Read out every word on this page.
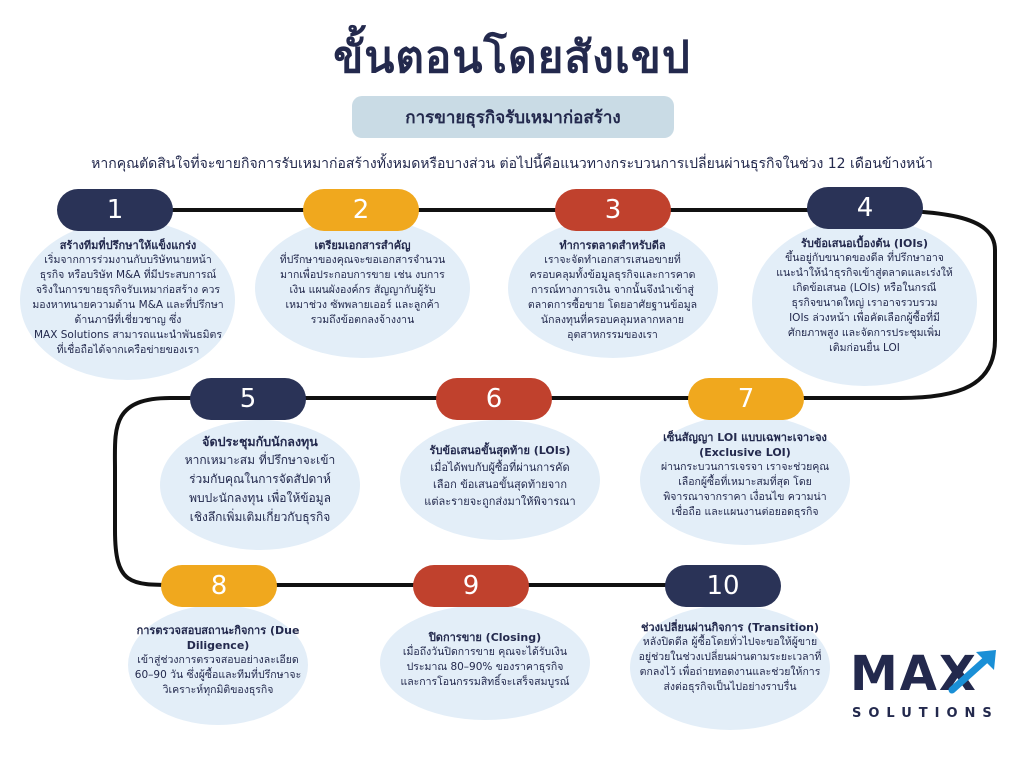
ขั้นตอนโดยสังเขป
การขายธุรกิจรับเหมาก่อสร้าง
หากคุณตัดสินใจที่จะขายกิจการรับเหมาก่อสร้างทั้งหมดหรือบางส่วน ต่อไปนี้คือแนวทางกระบวนการเปลี่ยนผ่านธุรกิจในช่วง 12 เดือนข้างหน้า
1	2	3	4
5	6	7
8	9	10
สร้างทีมที่ปรึกษาให้แข็งแกร่ง
เริ่มจากการร่วมงานกับบริษัทนายหน้า
ธุรกิจ หรือบริษัท M&A ที่มีประสบการณ์
จริงในการขายธุรกิจรับเหมาก่อสร้าง ควร
มองหาทนายความด้าน M&A และที่ปรึกษา
ด้านภาษีที่เชี่ยวชาญ ซึ่ง
MAX Solutions สามารถแนะนำพันธมิตร
ที่เชื่อถือได้จากเครือข่ายของเรา
เตรียมเอกสารสำคัญ
ที่ปรึกษาของคุณจะขอเอกสารจำนวน
มากเพื่อประกอบการขาย เช่น งบการ
เงิน แผนผังองค์กร สัญญากับผู้รับ
เหมาช่วง ซัพพลายเออร์ และลูกค้า
รวมถึงข้อตกลงจ้างงาน
ทำการตลาดสำหรับดีล
เราจะจัดทำเอกสารเสนอขายที่
ครอบคลุมทั้งข้อมูลธุรกิจและการคาด
การณ์ทางการเงิน จากนั้นจึงนำเข้าสู่
ตลาดการซื้อขาย โดยอาศัยฐานข้อมูล
นักลงทุนที่ครอบคลุมหลากหลาย
อุตสาหกรรมของเรา
รับข้อเสนอเบื้องต้น (IOIs)
ขึ้นอยู่กับขนาดของดีล ที่ปรึกษาอาจ
แนะนำให้นำธุรกิจเข้าสู่ตลาดและเร่งให้
เกิดข้อเสนอ (LOIs) หรือในกรณี
ธุรกิจขนาดใหญ่ เราอาจรวบรวม
IOIs ล่วงหน้า เพื่อคัดเลือกผู้ซื้อที่มี
ศักยภาพสูง และจัดการประชุมเพิ่ม
เติมก่อนยื่น LOI
จัดประชุมกับนักลงทุน
หากเหมาะสม ที่ปรึกษาจะเข้า
ร่วมกับคุณในการจัดสัปดาห์
พบปะนักลงทุน เพื่อให้ข้อมูล
เชิงลึกเพิ่มเติมเกี่ยวกับธุรกิจ
รับข้อเสนอขั้นสุดท้าย (LOIs)
เมื่อได้พบกับผู้ซื้อที่ผ่านการคัด
เลือก ข้อเสนอขั้นสุดท้ายจาก
แต่ละรายจะถูกส่งมาให้พิจารณา
เซ็นสัญญา LOI แบบเฉพาะเจาะจง (Exclusive LOI)
ผ่านกระบวนการเจรจา เราจะช่วยคุณ
เลือกผู้ซื้อที่เหมาะสมที่สุด โดย
พิจารณาจากราคา เงื่อนไข ความน่า
เชื่อถือ และแผนงานต่อยอดธุรกิจ
การตรวจสอบสถานะกิจการ (Due Diligence)
เข้าสู่ช่วงการตรวจสอบอย่างละเอียด
60–90 วัน ซึ่งผู้ซื้อและทีมที่ปรึกษาจะ
วิเคราะห์ทุกมิติของธุรกิจ
ปิดการขาย (Closing)
เมื่อถึงวันปิดการขาย คุณจะได้รับเงิน
ประมาณ 80–90% ของราคาธุรกิจ
และการโอนกรรมสิทธิ์จะเสร็จสมบูรณ์
ช่วงเปลี่ยนผ่านกิจการ (Transition)
หลังปิดดีล ผู้ซื้อโดยทั่วไปจะขอให้ผู้ขาย
อยู่ช่วยในช่วงเปลี่ยนผ่านตามระยะเวลาที่
ตกลงไว้ เพื่อถ่ายทอดงานและช่วยให้การ
ส่งต่อธุรกิจเป็นไปอย่างราบรื่น	MAX
SOLUTIONS
